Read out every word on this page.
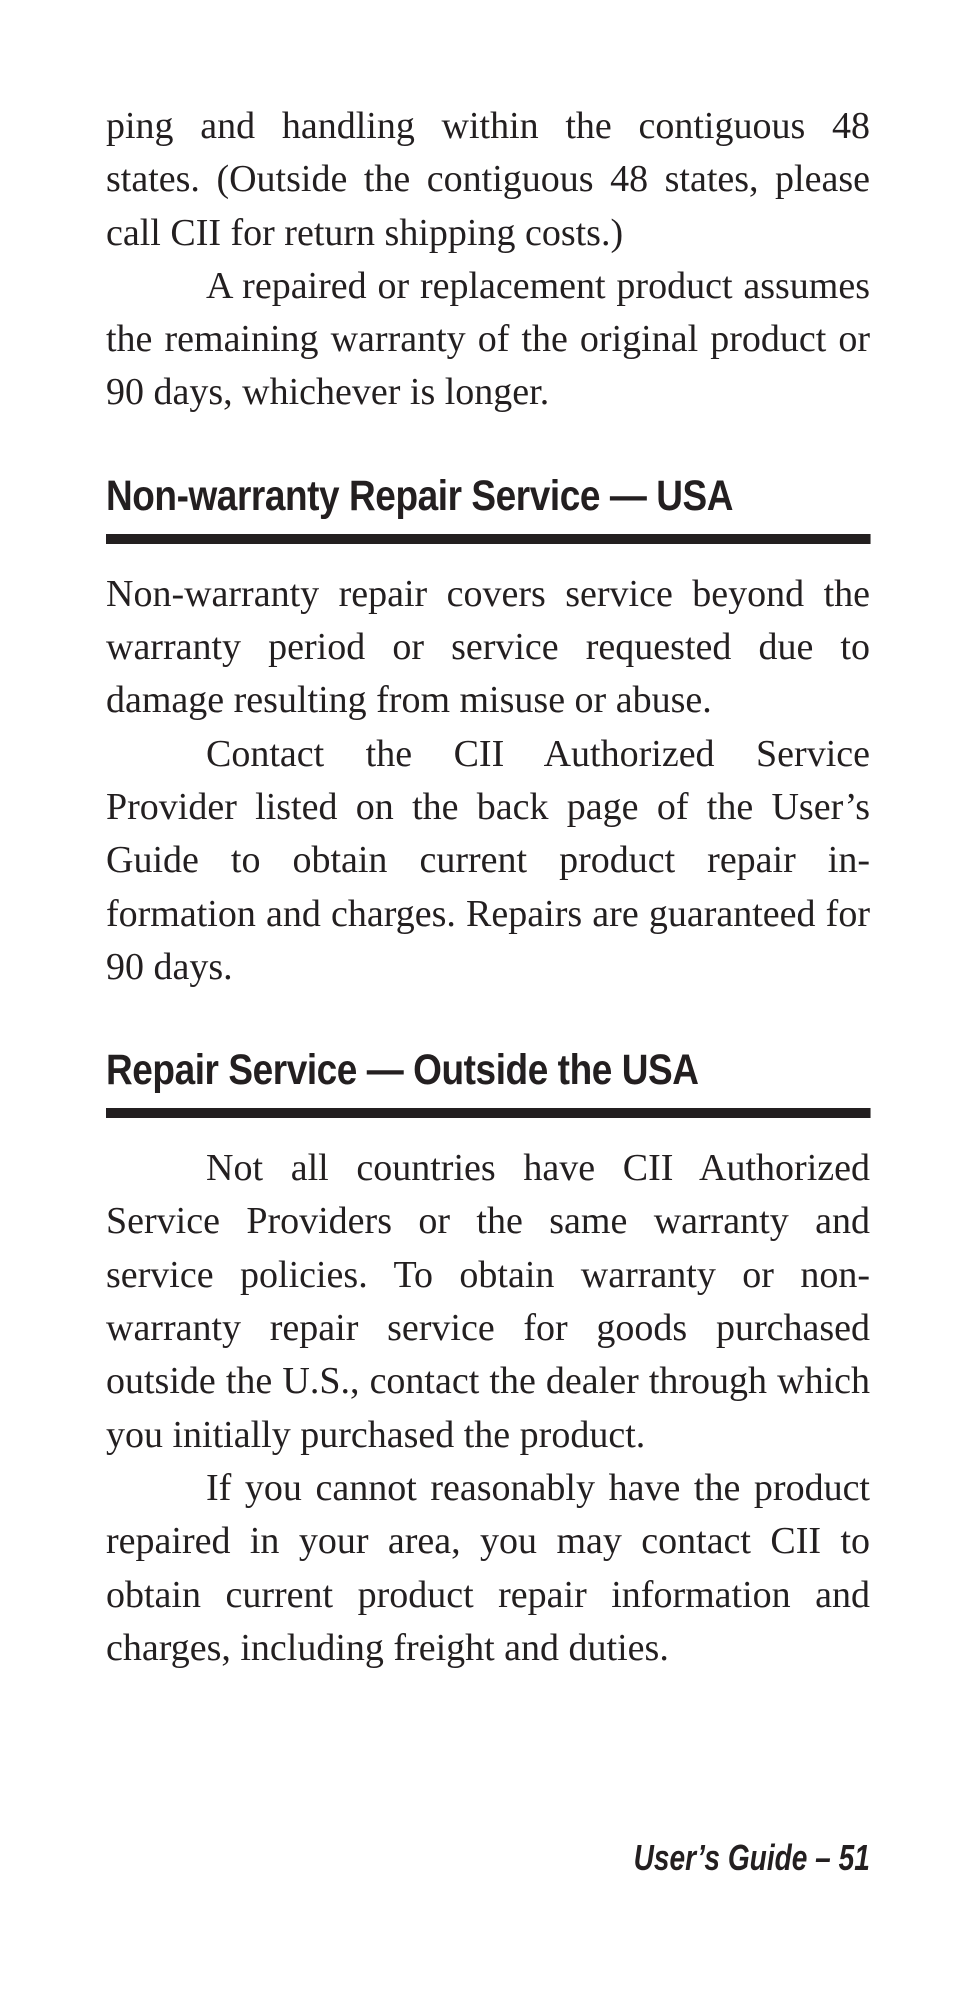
ping and handling within the contiguous 48 states. (Outside the contiguous 48 states, please call CII for return shipping costs.)

A repaired or replacement product assumes the remaining warranty of the original product or 90 days, whichever is longer.

Non-warranty Repair Service — USA

Non-warranty repair covers service beyond the warranty period or service requested due to damage resulting from misuse or abuse.

Contact the CII Authorized Service Provider listed on the back page of the User’s Guide to obtain current product repair information and charges. Repairs are guaranteed for 90 days.

Repair Service — Outside the USA

Not all countries have CII Authorized Service Providers or the same warranty and service policies. To obtain warranty or non-warranty repair service for goods purchased outside the U.S., contact the dealer through which you initially purchased the product.

If you cannot reasonably have the product repaired in your area, you may contact CII to obtain current product repair information and charges, including freight and duties.

User’s Guide – 51
